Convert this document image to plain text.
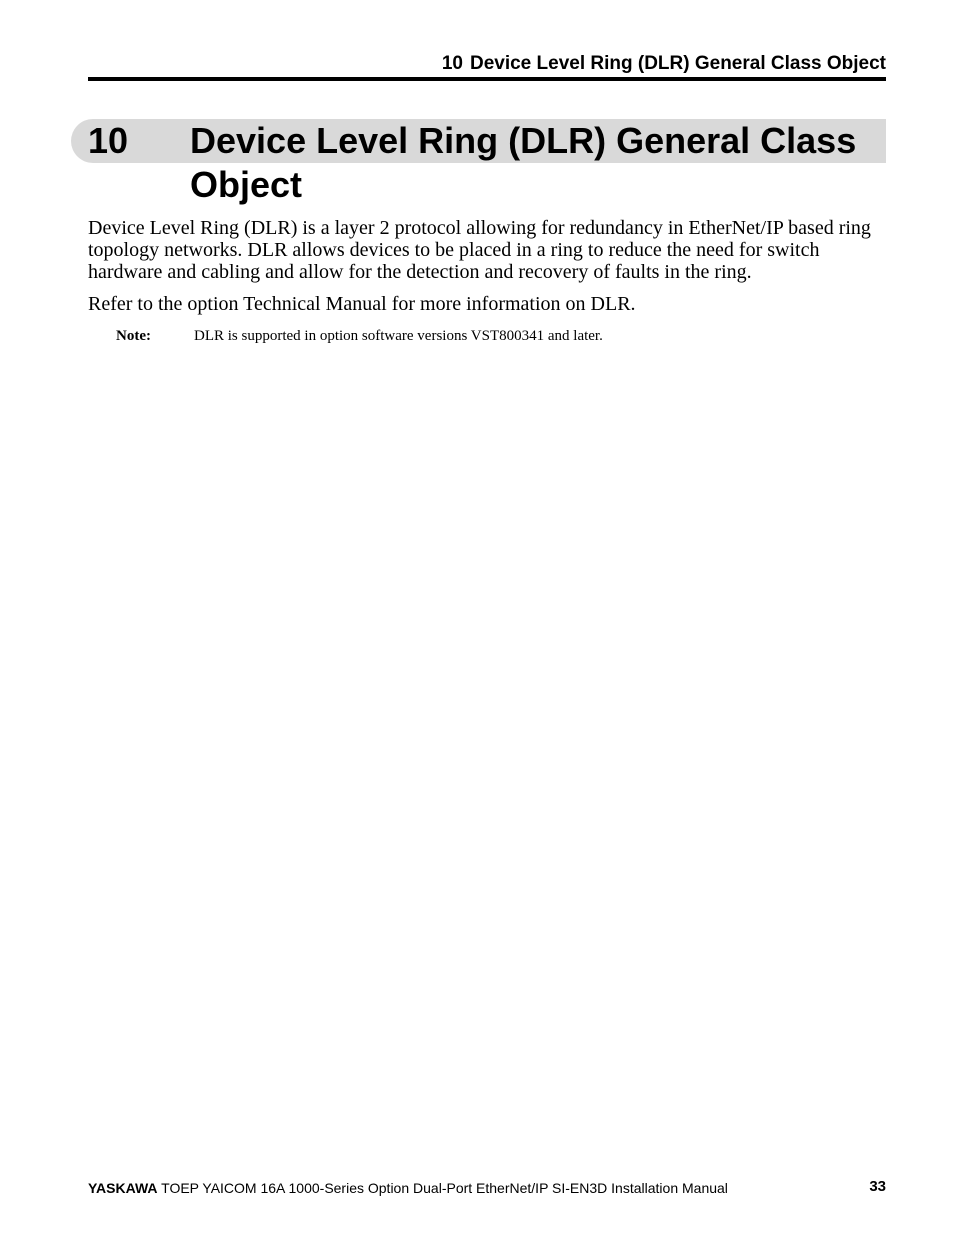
10 Device Level Ring (DLR) General Class Object
10 Device Level Ring (DLR) General Class Object

Device Level Ring (DLR) is a layer 2 protocol allowing for redundancy in EtherNet/IP based ring topology networks. DLR allows devices to be placed in a ring to reduce the need for switch hardware and cabling and allow for the detection and recovery of faults in the ring.

Refer to the option Technical Manual for more information on DLR.

Note:	DLR is supported in option software versions VST800341 and later.
YASKAWA TOEP YAICOM 16A 1000-Series Option Dual-Port EtherNet/IP SI-EN3D Installation Manual	33
